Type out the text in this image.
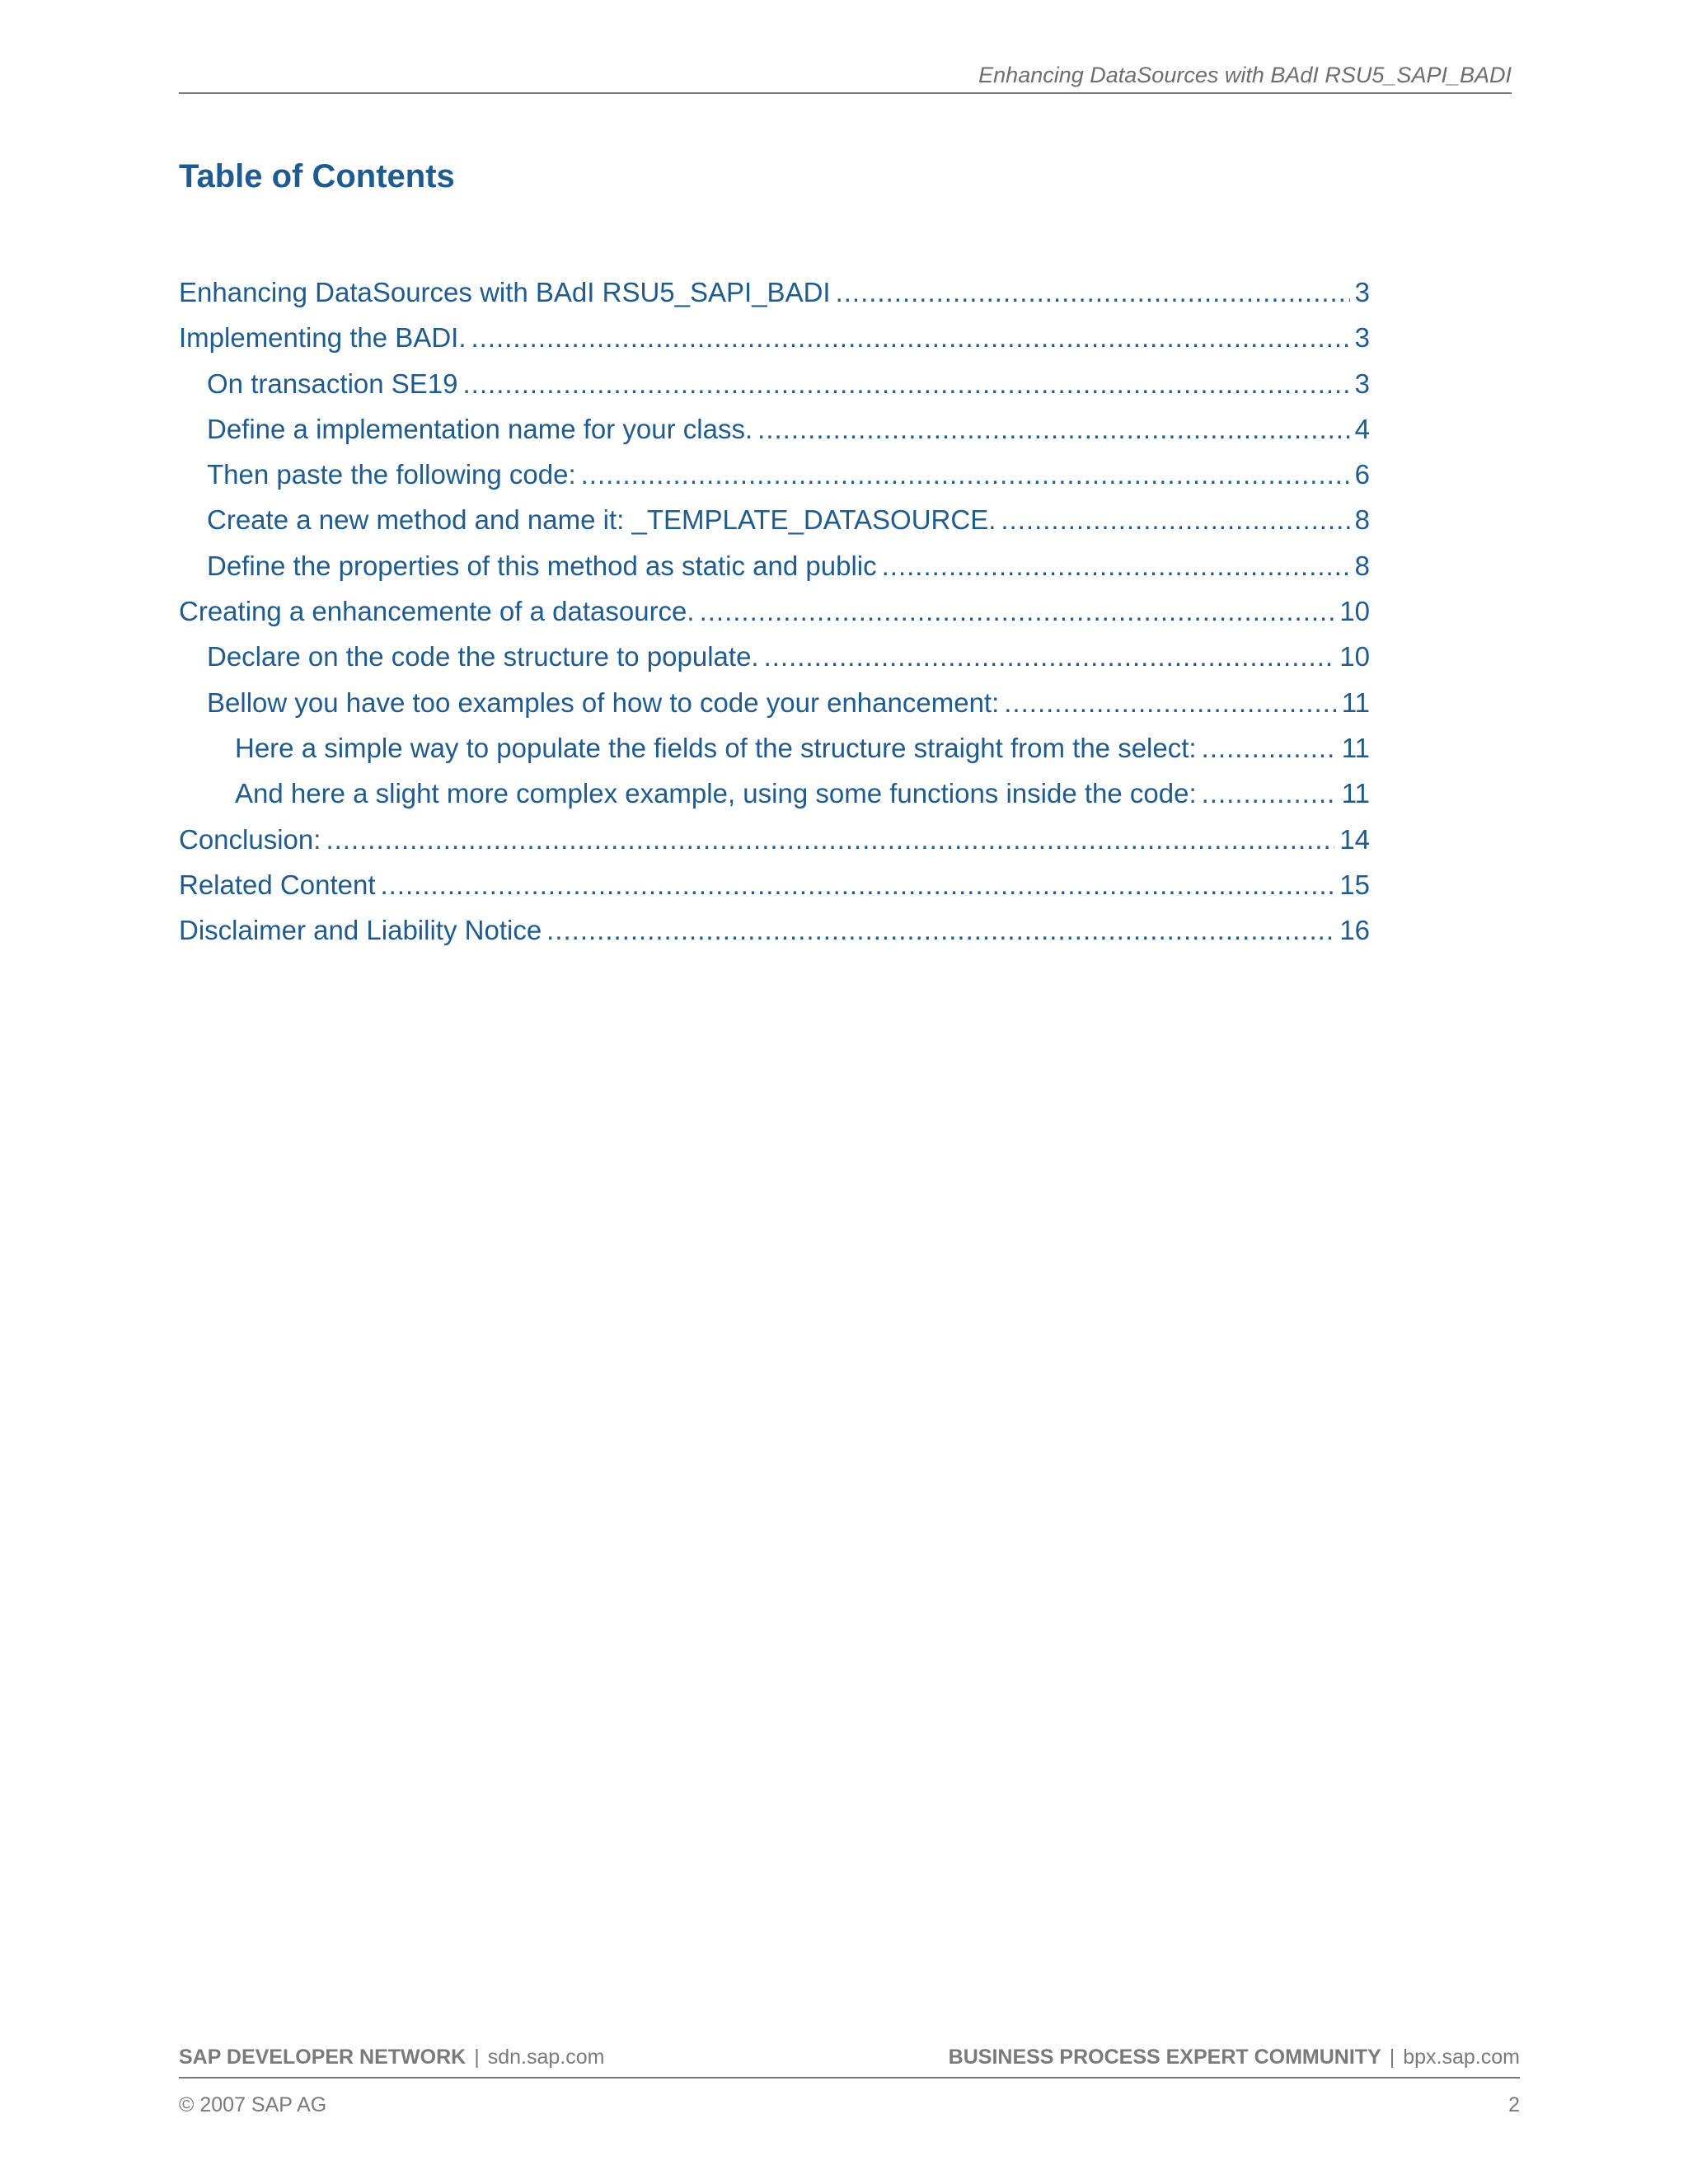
Enhancing DataSources with BAdI RSU5_SAPI_BADI
Table of Contents
Enhancing DataSources with BAdI RSU5_SAPI_BADI .....	3
Implementing the BADI. .....	3
On transaction SE19 .....	3
Define a implementation name for your class. .....	4
Then paste the following code: .....	6
Create a new method and name it: _TEMPLATE_DATASOURCE. .....	8
Define the properties of this method as static and public .....	8
Creating a enhancemente of a datasource. .....	10
Declare on the code the structure to populate. .....	10
Bellow you have too examples of how to code your enhancement: .....	11
Here a simple way to populate the fields of the structure straight from the select: .....	11
And here a slight more complex example, using some functions inside the code: .....	11
Conclusion: .....	14
Related Content .....	15
Disclaimer and Liability Notice .....	16
SAP DEVELOPER NETWORK | sdn.sap.com	BUSINESS PROCESS EXPERT COMMUNITY | bpx.sap.com
© 2007 SAP AG	2
